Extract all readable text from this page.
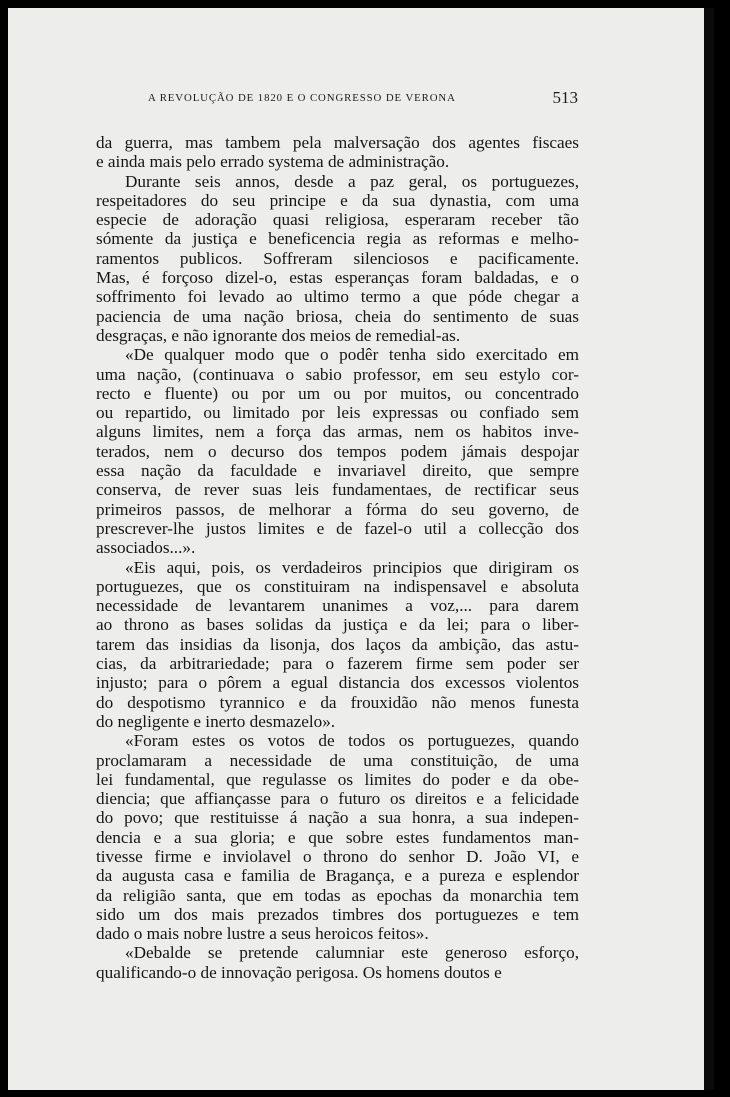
A REVOLUÇÃO DE 1820 E O CONGRESSO DE VERONA	513

da guerra, mas tambem pela malversação dos agentes fiscaes
e ainda mais pelo errado systema de administração.

Durante seis annos, desde a paz geral, os portuguezes,
respeitadores do seu principe e da sua dynastia, com uma
especie de adoração quasi religiosa, esperaram receber tão
sómente da justiça e beneficencia regia as reformas e melho-
ramentos publicos. Soffreram silenciosos e pacificamente.
Mas, é forçoso dizel-o, estas esperanças foram baldadas, e o
soffrimento foi levado ao ultimo termo a que póde chegar a
paciencia de uma nação briosa, cheia do sentimento de suas
desgraças, e não ignorante dos meios de remedial-as.

«De qualquer modo que o podêr tenha sido exercitado em
uma nação, (continuava o sabio professor, em seu estylo cor-
recto e fluente) ou por um ou por muitos, ou concentrado
ou repartido, ou limitado por leis expressas ou confiado sem
alguns limites, nem a força das armas, nem os habitos inve-
terados, nem o decurso dos tempos podem jámais despojar
essa nação da faculdade e invariavel direito, que sempre
conserva, de rever suas leis fundamentaes, de rectificar seus
primeiros passos, de melhorar a fórma do seu governo, de
prescrever-lhe justos limites e de fazel-o util a collecção dos
associados...».

«Eis aqui, pois, os verdadeiros principios que dirigiram os
portuguezes, que os constituiram na indispensavel e absoluta
necessidade de levantarem unanimes a voz,... para darem
ao throno as bases solidas da justiça e da lei; para o liber-
tarem das insidias da lisonja, dos laços da ambição, das astu-
cias, da arbitrariedade; para o fazerem firme sem poder ser
injusto; para o pôrem a egual distancia dos excessos violentos
do despotismo tyrannico e da frouxidão não menos funesta
do negligente e inerto desmazelo».

«Foram estes os votos de todos os portuguezes, quando
proclamaram a necessidade de uma constituição, de uma
lei fundamental, que regulasse os limites do poder e da obe-
diencia; que affiançasse para o futuro os direitos e a felicidade
do povo; que restituisse á nação a sua honra, a sua indepen-
dencia e a sua gloria; e que sobre estes fundamentos man-
tivesse firme e inviolavel o throno do senhor D. João VI, e
da augusta casa e familia de Bragança, e a pureza e esplendor
da religião santa, que em todas as epochas da monarchia tem
sido um dos mais prezados timbres dos portuguezes e tem
dado o mais nobre lustre a seus heroicos feitos».

«Debalde se pretende calumniar este generoso esforço,
qualificando-o de innovação perigosa. Os homens doutos e
